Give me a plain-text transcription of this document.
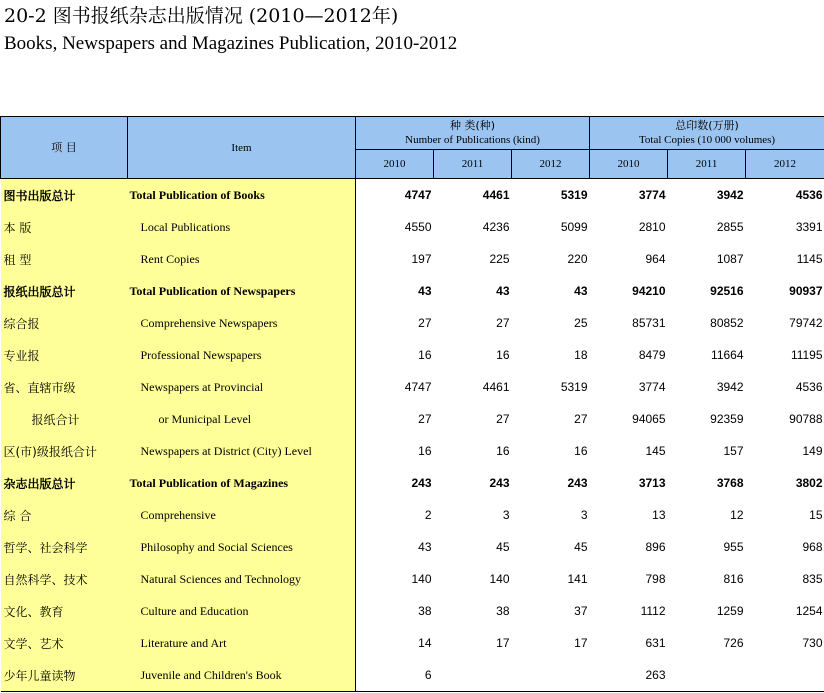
20-2 图书报纸杂志出版情况 (2010—2012年)
Books, Newspapers and Magazines Publication, 2010-2012
项 目	Item	种 类(种)
Number of Publications (kind)			总印数(万册)
Total Copies (10 000 volumes)		
		2010	2011	2012	2010	2011	2012
图书出版总计	Total Publication of Books	4747	4461	5319	3774	3942	4536
本 版	Local Publications	4550	4236	5099	2810	2855	3391
租 型	Rent Copies	197	225	220	964	1087	1145
报纸出版总计	Total Publication of Newspapers	43	43	43	94210	92516	90937
综合报	Comprehensive Newspapers	27	27	25	85731	80852	79742
专业报	Professional Newspapers	16	16	18	8479	11664	11195
省、直辖市级	Newspapers at Provincial	4747	4461	5319	3774	3942	4536
报纸合计	or Municipal Level	27	27	27	94065	92359	90788
区(市)级报纸合计	Newspapers at District (City) Level	16	16	16	145	157	149
杂志出版总计	Total Publication of Magazines	243	243	243	3713	3768	3802
综 合	Comprehensive	2	3	3	13	12	15
哲学、社会科学	Philosophy and Social Sciences	43	45	45	896	955	968
自然科学、技术	Natural Sciences and Technology	140	140	141	798	816	835
文化、教育	Culture and Education	38	38	37	1112	1259	1254
文学、艺术	Literature and Art	14	17	17	631	726	730
少年儿童读物	Juvenile and Children's Book	6			263		
